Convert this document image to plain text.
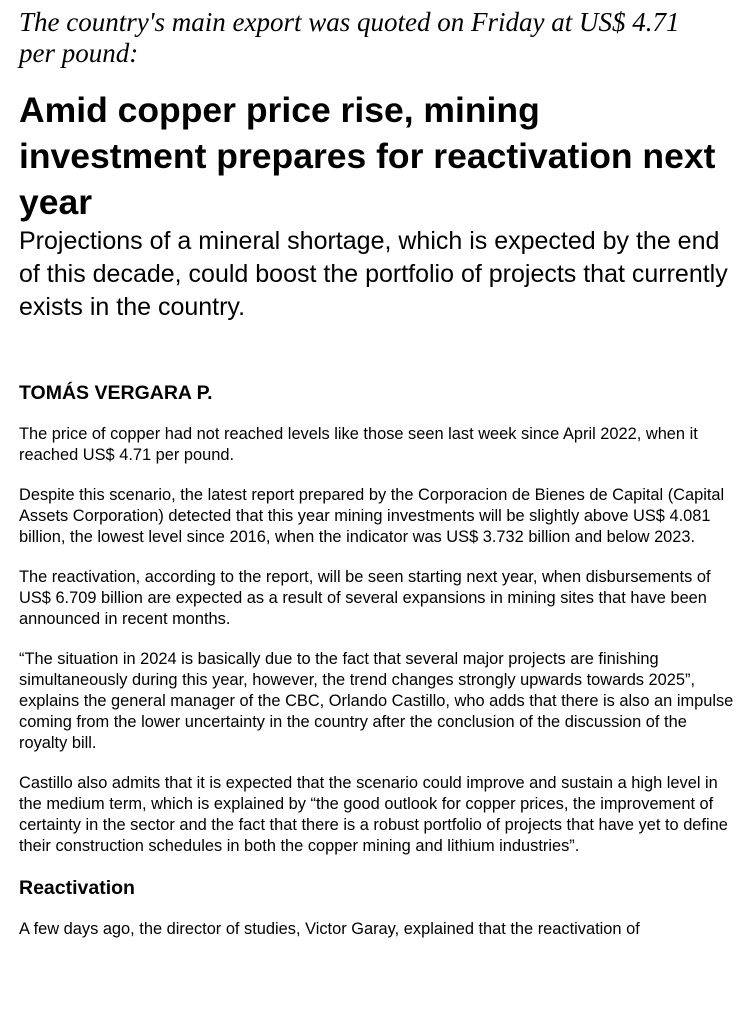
The country's main export was quoted on Friday at US$ 4.71 per pound:

Amid copper price rise, mining investment prepares for reactivation next year

Projections of a mineral shortage, which is expected by the end of this decade, could boost the portfolio of projects that currently exists in the country.

TOMÁS VERGARA P.

The price of copper had not reached levels like those seen last week since April 2022, when it reached US$ 4.71 per pound.

Despite this scenario, the latest report prepared by the Corporacion de Bienes de Capital (Capital Assets Corporation) detected that this year mining investments will be slightly above US$ 4.081 billion, the lowest level since 2016, when the indicator was US$ 3.732 billion and below 2023.

The reactivation, according to the report, will be seen starting next year, when disbursements of US$ 6.709 billion are expected as a result of several expansions in mining sites that have been announced in recent months.

“The situation in 2024 is basically due to the fact that several major projects are finishing simultaneously during this year, however, the trend changes strongly upwards towards 2025”, explains the general manager of the CBC, Orlando Castillo, who adds that there is also an impulse coming from the lower uncertainty in the country after the conclusion of the discussion of the royalty bill.

Castillo also admits that it is expected that the scenario could improve and sustain a high level in the medium term, which is explained by “the good outlook for copper prices, the improvement of certainty in the sector and the fact that there is a robust portfolio of projects that have yet to define their construction schedules in both the copper mining and lithium industries”.

Reactivation

A few days ago, the director of studies, Victor Garay, explained that the reactivation of
